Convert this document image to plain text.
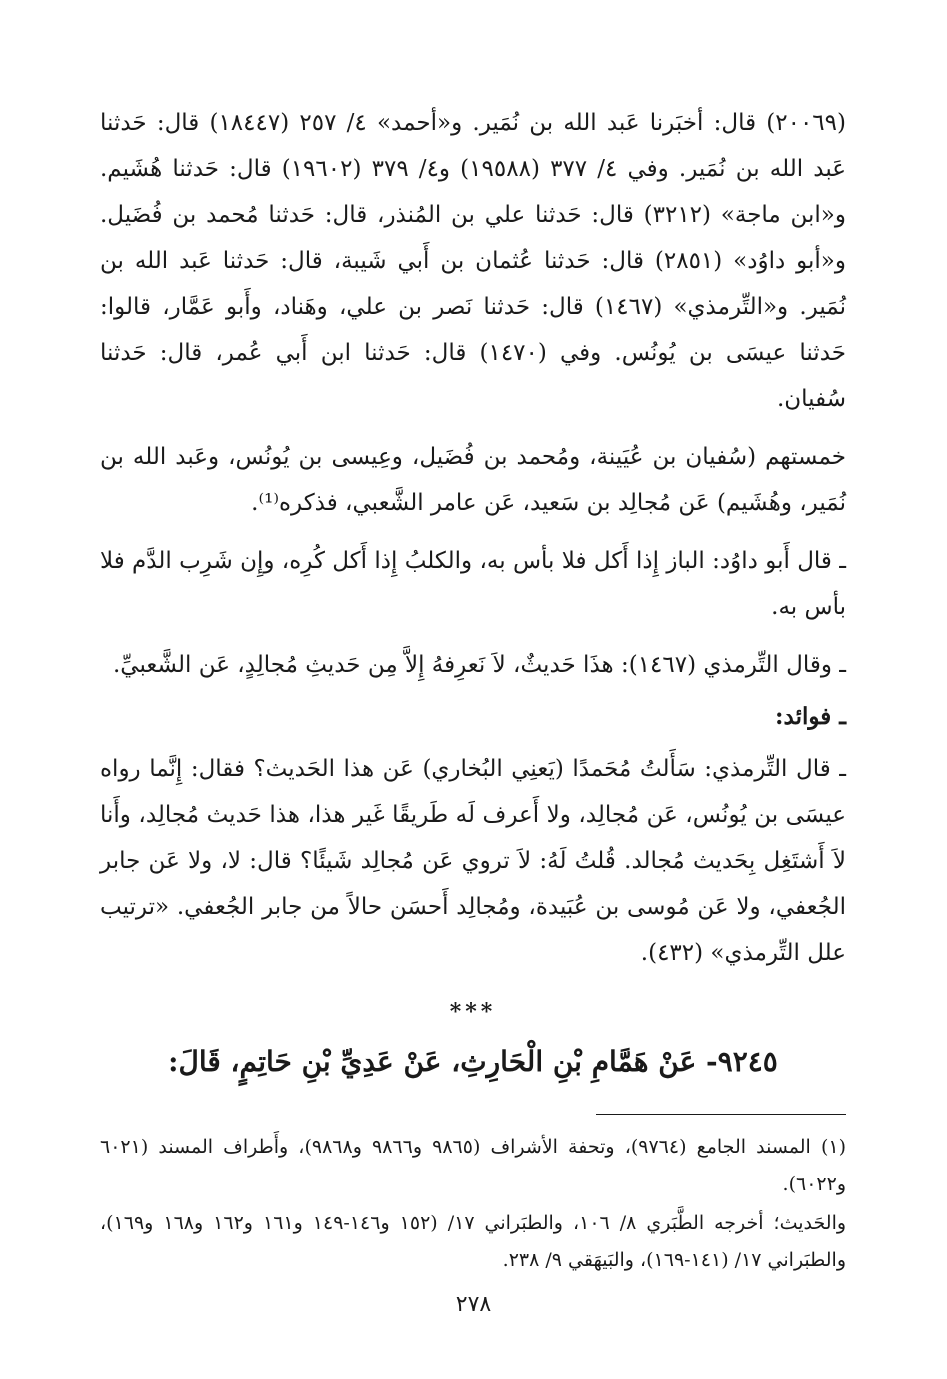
(٢٠٠٦٩) قال: أخبَرنا عَبد الله بن نُمَير. و«أحمد» ٤/ ٢٥٧ (١٨٤٤٧) قال: حَدثنا عَبد الله بن نُمَير. وفي ٤/ ٣٧٧ (١٩٥٨٨) و٤/ ٣٧٩ (١٩٦٠٢) قال: حَدثنا هُشَيم. و«ابن ماجة» (٣٢١٢) قال: حَدثنا علي بن المُنذر، قال: حَدثنا مُحمد بن فُضَيل. و«أبو داوُد» (٢٨٥١) قال: حَدثنا عُثمان بن أَبي شَيبة، قال: حَدثنا عَبد الله بن نُمَير. و«التِّرمذي» (١٤٦٧) قال: حَدثنا نَصر بن علي، وهَناد، وأَبو عَمَّار، قالوا: حَدثنا عيسَى بن يُونُس. وفي (١٤٧٠) قال: حَدثنا ابن أَبي عُمر، قال: حَدثنا سُفيان.

خمستهم (سُفيان بن عُيَينة، ومُحمد بن فُضَيل، وعِيسى بن يُونُس، وعَبد الله بن نُمَير، وهُشَيم) عَن مُجالِد بن سَعيد، عَن عامر الشَّعبي، فذكره⁽¹⁾.

ـ قال أَبو داوُد: الباز إِذا أَكل فلا بأس به، والكلبُ إِذا أَكل كُرِه، وإِن شَرِب الدَّم فلا بأس به.

ـ وقال التِّرمذي (١٤٦٧): هذَا حَديثٌ، لاَ نَعرِفهُ إِلاَّ مِن حَديثِ مُجالِدٍ، عَن الشَّعبيِّ.

ـ فوائد:

ـ قال التِّرمذي: سَأَلتُ مُحَمدًا (يَعنِي البُخاري) عَن هذا الحَديث؟ فقال: إِنَّما رواه عيسَى بن يُونُس، عَن مُجالِد، ولا أَعرف لَه طَريقًا غَير هذا، هذا حَديث مُجالِد، وأَنا لاَ أَشتَغِل بِحَديث مُجالد. قُلتُ لَهُ: لاَ تروي عَن مُجالِد شَيئًا؟ قال: لا، ولا عَن جابر الجُعفي، ولا عَن مُوسى بن عُبَيدة، ومُجالِد أَحسَن حالاً من جابر الجُعفي. «ترتيب علل التِّرمذي» (٤٣٢).

***

٩٢٤٥- عَنْ هَمَّامِ بْنِ الْحَارِثِ، عَنْ عَدِيِّ بْنِ حَاتِمٍ، قَالَ:

(١) المسند الجامع (٩٧٦٤)، وتحفة الأشراف (٩٨٦٥ و٩٨٦٦ و٩٨٦٨)، وأَطراف المسند (٦٠٢١ و٦٠٢٢).

والحَديث؛ أخرجه الطَّبَري ٨/ ١٠٦، والطبَراني ١٧/ (١٥٢ و١٤٦-١٤٩ و١٦١ و١٦٢ و١٦٨ و١٦٩)، والطبَراني ١٧/ (١٤١-١٦٩)، والبَيهَقي ٩/ ٢٣٨.

٢٧٨
